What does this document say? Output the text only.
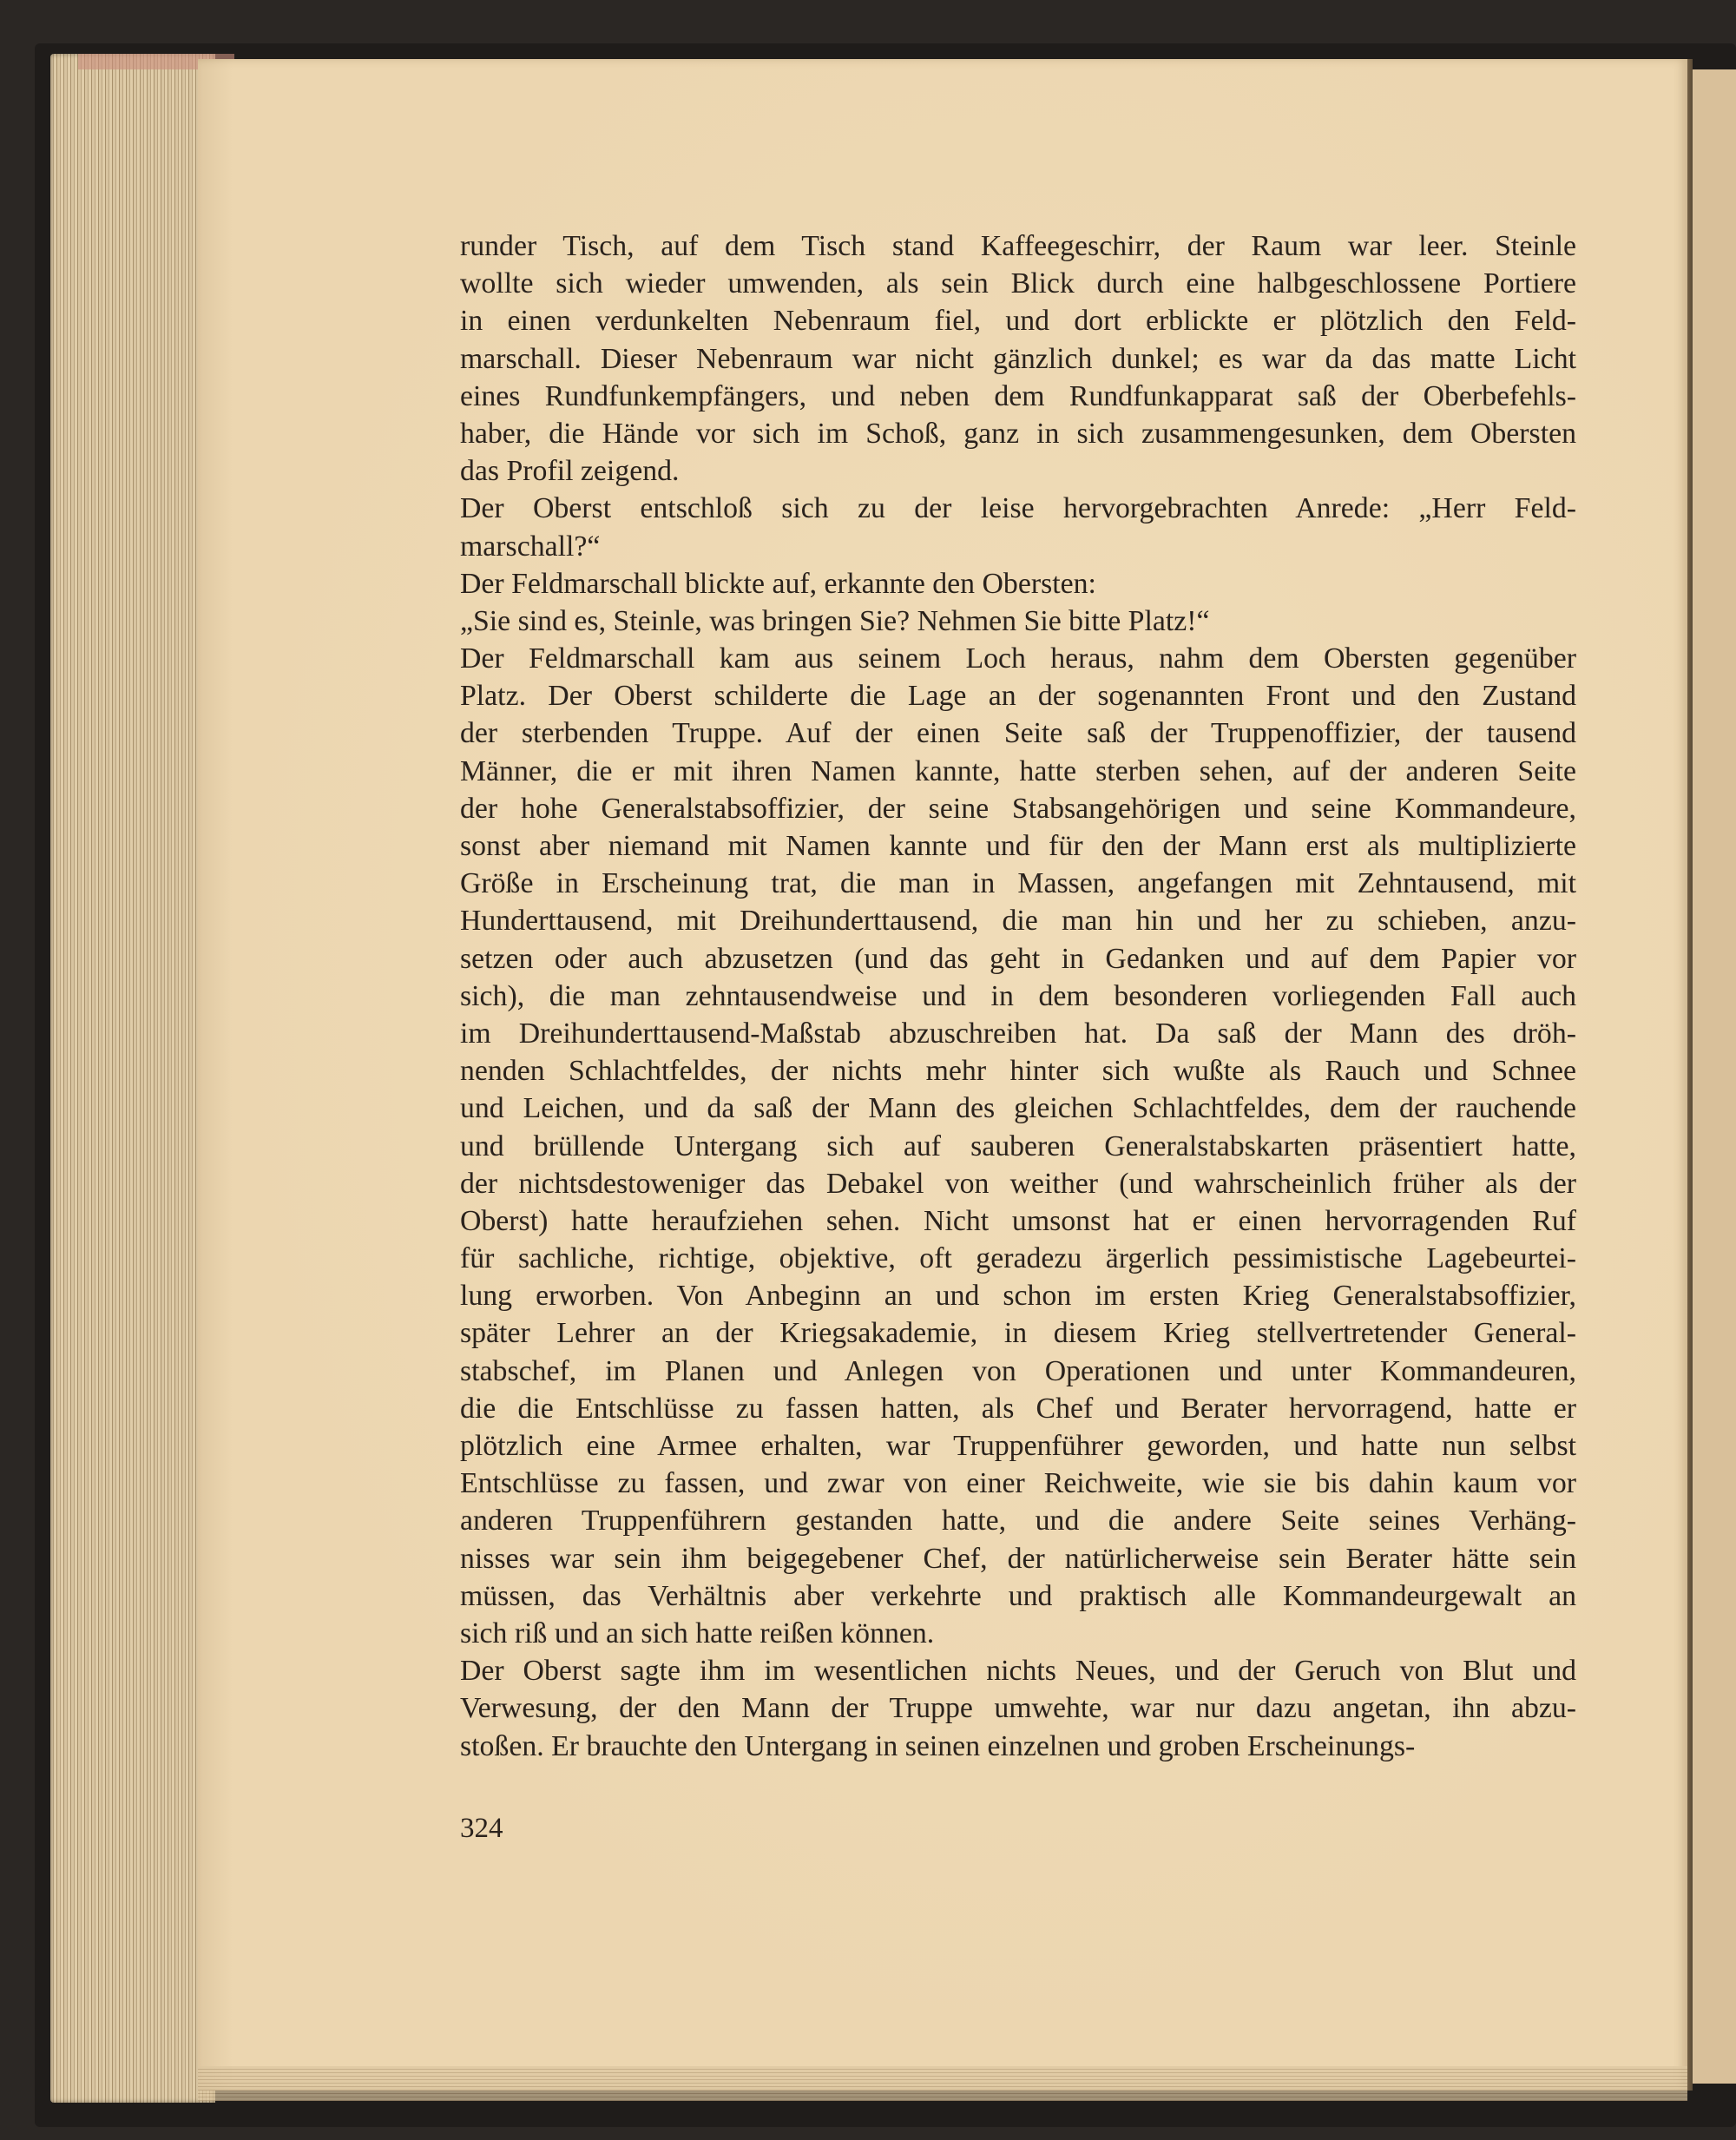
runder Tisch, auf dem Tisch stand Kaffeegeschirr, der Raum war leer. Steinle
wollte sich wieder umwenden, als sein Blick durch eine halbgeschlossene Portiere
in einen verdunkelten Nebenraum fiel, und dort erblickte er plötzlich den Feld-
marschall. Dieser Nebenraum war nicht gänzlich dunkel; es war da das matte Licht
eines Rundfunkempfängers, und neben dem Rundfunkapparat saß der Oberbefehls-
haber, die Hände vor sich im Schoß, ganz in sich zusammengesunken, dem Obersten
das Profil zeigend.
Der Oberst entschloß sich zu der leise hervorgebrachten Anrede: „Herr Feld-
marschall?“
Der Feldmarschall blickte auf, erkannte den Obersten:
„Sie sind es, Steinle, was bringen Sie? Nehmen Sie bitte Platz!“
Der Feldmarschall kam aus seinem Loch heraus, nahm dem Obersten gegenüber
Platz. Der Oberst schilderte die Lage an der sogenannten Front und den Zustand
der sterbenden Truppe. Auf der einen Seite saß der Truppenoffizier, der tausend
Männer, die er mit ihren Namen kannte, hatte sterben sehen, auf der anderen Seite
der hohe Generalstabsoffizier, der seine Stabsangehörigen und seine Kommandeure,
sonst aber niemand mit Namen kannte und für den der Mann erst als multiplizierte
Größe in Erscheinung trat, die man in Massen, angefangen mit Zehntausend, mit
Hunderttausend, mit Dreihunderttausend, die man hin und her zu schieben, anzu-
setzen oder auch abzusetzen (und das geht in Gedanken und auf dem Papier vor
sich), die man zehntausendweise und in dem besonderen vorliegenden Fall auch
im Dreihunderttausend-Maßstab abzuschreiben hat. Da saß der Mann des dröh-
nenden Schlachtfeldes, der nichts mehr hinter sich wußte als Rauch und Schnee
und Leichen, und da saß der Mann des gleichen Schlachtfeldes, dem der rauchende
und brüllende Untergang sich auf sauberen Generalstabskarten präsentiert hatte,
der nichtsdestoweniger das Debakel von weither (und wahrscheinlich früher als der
Oberst) hatte heraufziehen sehen. Nicht umsonst hat er einen hervorragenden Ruf
für sachliche, richtige, objektive, oft geradezu ärgerlich pessimistische Lagebeurtei-
lung erworben. Von Anbeginn an und schon im ersten Krieg Generalstabsoffizier,
später Lehrer an der Kriegsakademie, in diesem Krieg stellvertretender General-
stabschef, im Planen und Anlegen von Operationen und unter Kommandeuren,
die die Entschlüsse zu fassen hatten, als Chef und Berater hervorragend, hatte er
plötzlich eine Armee erhalten, war Truppenführer geworden, und hatte nun selbst
Entschlüsse zu fassen, und zwar von einer Reichweite, wie sie bis dahin kaum vor
anderen Truppenführern gestanden hatte, und die andere Seite seines Verhäng-
nisses war sein ihm beigegebener Chef, der natürlicherweise sein Berater hätte sein
müssen, das Verhältnis aber verkehrte und praktisch alle Kommandeurgewalt an
sich riß und an sich hatte reißen können.
Der Oberst sagte ihm im wesentlichen nichts Neues, und der Geruch von Blut und
Verwesung, der den Mann der Truppe umwehte, war nur dazu angetan, ihn abzu-
stoßen. Er brauchte den Untergang in seinen einzelnen und groben Erscheinungs-
324
